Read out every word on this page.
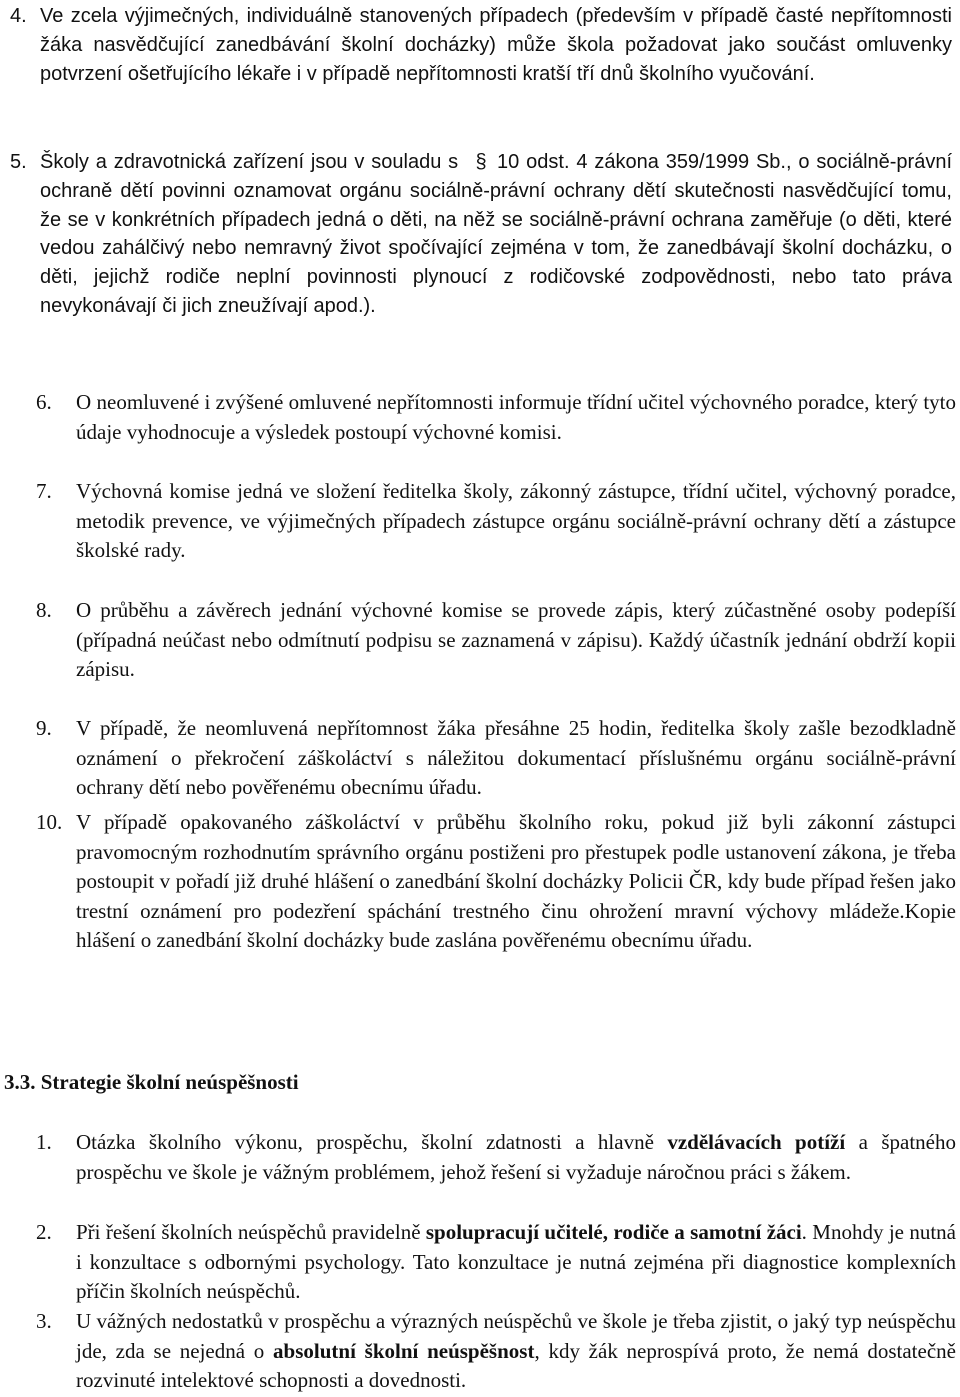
4. Ve zcela výjimečných, individuálně stanovených případech (především v případě časté nepřítomnosti žáka nasvědčující zanedbávání školní docházky) může škola požadovat jako součást omluvenky potvrzení ošetřujícího lékaře i v případě nepřítomnosti kratší tří dnů školního vyučování.
5. Školy a zdravotnická zařízení jsou v souladu s § 10 odst. 4 zákona 359/1999 Sb., o sociálně-právní ochraně dětí povinni oznamovat orgánu sociálně-právní ochrany dětí skutečnosti nasvědčující tomu, že se v konkrétních případech jedná o děti, na něž se sociálně-právní ochrana zaměřuje (o děti, které vedou zahálčivý nebo nemravný život spočívající zejména v tom, že zanedbávají školní docházku, o děti, jejichž rodiče neplní povinnosti plynoucí z rodičovské zodpovědnosti, nebo tato práva nevykonávají či jich zneužívají apod.).
6. O neomluvené i zvýšené omluvené nepřítomnosti informuje třídní učitel výchovného poradce, který tyto údaje vyhodnocuje a výsledek postoupí výchovné komisi.
7. Výchovná komise jedná ve složení ředitelka školy, zákonný zástupce, třídní učitel, výchovný poradce, metodik prevence, ve výjimečných případech zástupce orgánu sociálně-právní ochrany dětí a zástupce školské rady.
8. O průběhu a závěrech jednání výchovné komise se provede zápis, který zúčastněné osoby podepíší (případná neúčast nebo odmítnutí podpisu se zaznamená v zápisu). Každý účastník jednání obdrží kopii zápisu.
9. V případě, že neomluvená nepřítomnost žáka přesáhne 25 hodin, ředitelka školy zašle bezodkladně oznámení o překročení záškoláctví s náležitou dokumentací příslušnému orgánu sociálně-právní ochrany dětí nebo pověřenému obecnímu úřadu.
10. V případě opakovaného záškoláctví v průběhu školního roku, pokud již byli zákonní zástupci pravomocným rozhodnutím správního orgánu postiženi pro přestupek podle ustanovení zákona, je třeba postoupit v pořadí již druhé hlášení o zanedbání školní docházky Policii ČR, kdy bude případ řešen jako trestní oznámení pro podezření spáchání trestného činu ohrožení mravní výchovy mládeže.Kopie hlášení o zanedbání školní docházky bude zaslána pověřenému obecnímu úřadu.
3.3. Strategie školní neúspěšnosti
1. Otázka školního výkonu, prospěchu, školní zdatnosti a hlavně vzdělávacích potíží a špatného prospěchu ve škole je vážným problémem, jehož řešení si vyžaduje náročnou práci s žákem.
2. Při řešení školních neúspěchů pravidelně spolupracují učitelé, rodiče a samotní žáci. Mnohdy je nutná i konzultace s odbornými psychology. Tato konzultace je nutná zejména při diagnostice komplexních příčin školních neúspěchů.
3. U vážných nedostatků v prospěchu a výrazných neúspěchů ve škole je třeba zjistit, o jaký typ neúspěchu jde, zda se nejedná o absolutní školní neúspěšnost, kdy žák neprospívá proto, že nemá dostatečně rozvinuté intelektové schopnosti a dovednosti.
